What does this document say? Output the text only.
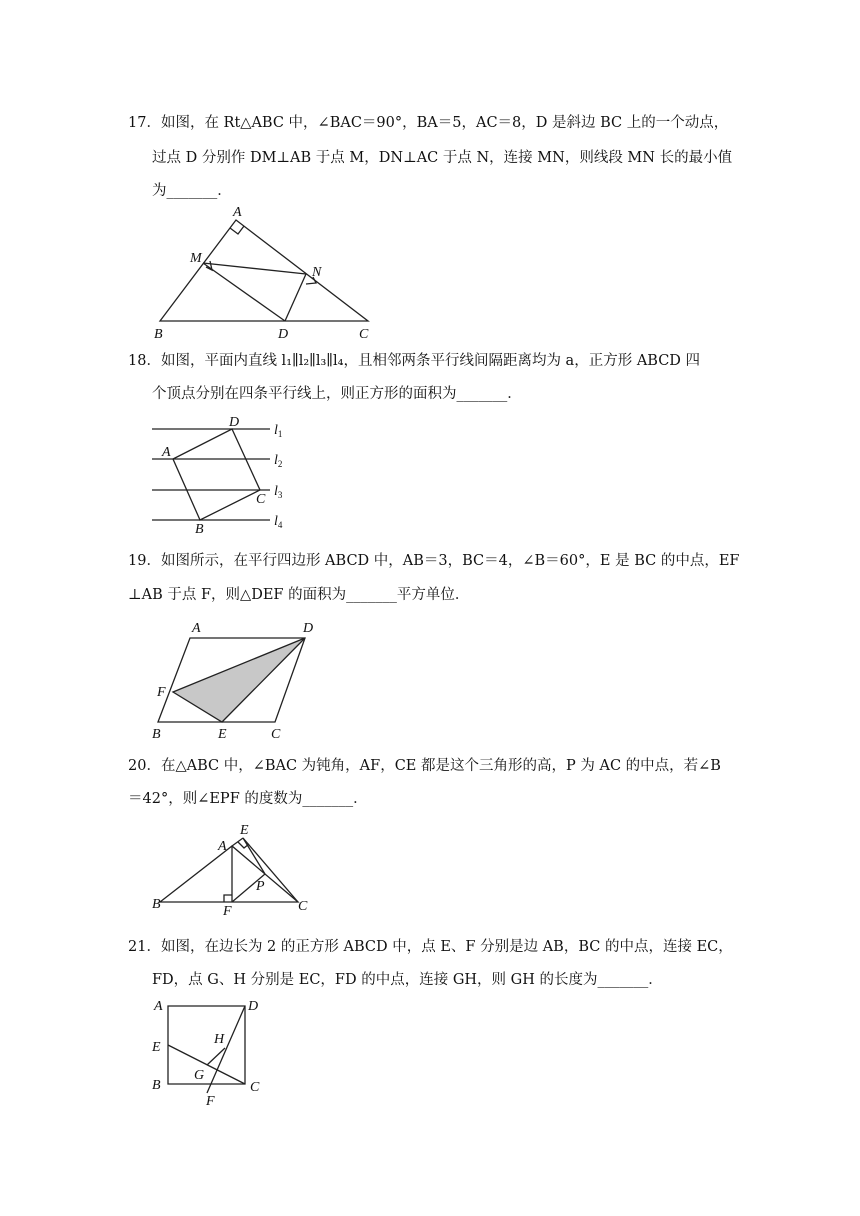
17．如图，在 Rt△ABC 中，∠BAC＝90°，BA＝5，AC＝8，D 是斜边 BC 上的一个动点，
过点 D 分别作 DM⊥AB 于点 M，DN⊥AC 于点 N，连接 MN，则线段 MN 长的最小值
为_______．
A
M
N
B	D	C
18．如图，平面内直线 l₁∥l₂∥l₃∥l₄，且相邻两条平行线间隔距离均为 a，正方形 ABCD 四
个顶点分别在四条平行线上，则正方形的面积为_______．
D
A
C
B
$l_1$
$l_2$
$l_3$
$l_4$
19．如图所示，在平行四边形 ABCD 中，AB＝3，BC＝4，∠B＝60°，E 是 BC 的中点，EF
⊥AB 于点 F，则△DEF 的面积为_______平方单位．
A	D
F
B	E	C
20．在△ABC 中，∠BAC 为钝角，AF，CE 都是这个三角形的高，P 为 AC 的中点，若∠B
＝42°，则∠EPF 的度数为_______．
E
A
P
B	F	C
21．如图，在边长为 2 的正方形 ABCD 中，点 E、F 分别是边 AB，BC 的中点，连接 EC，
FD，点 G、H 分别是 EC，FD 的中点，连接 GH，则 GH 的长度为_______．
A	D
H
E
G
B	C
F
